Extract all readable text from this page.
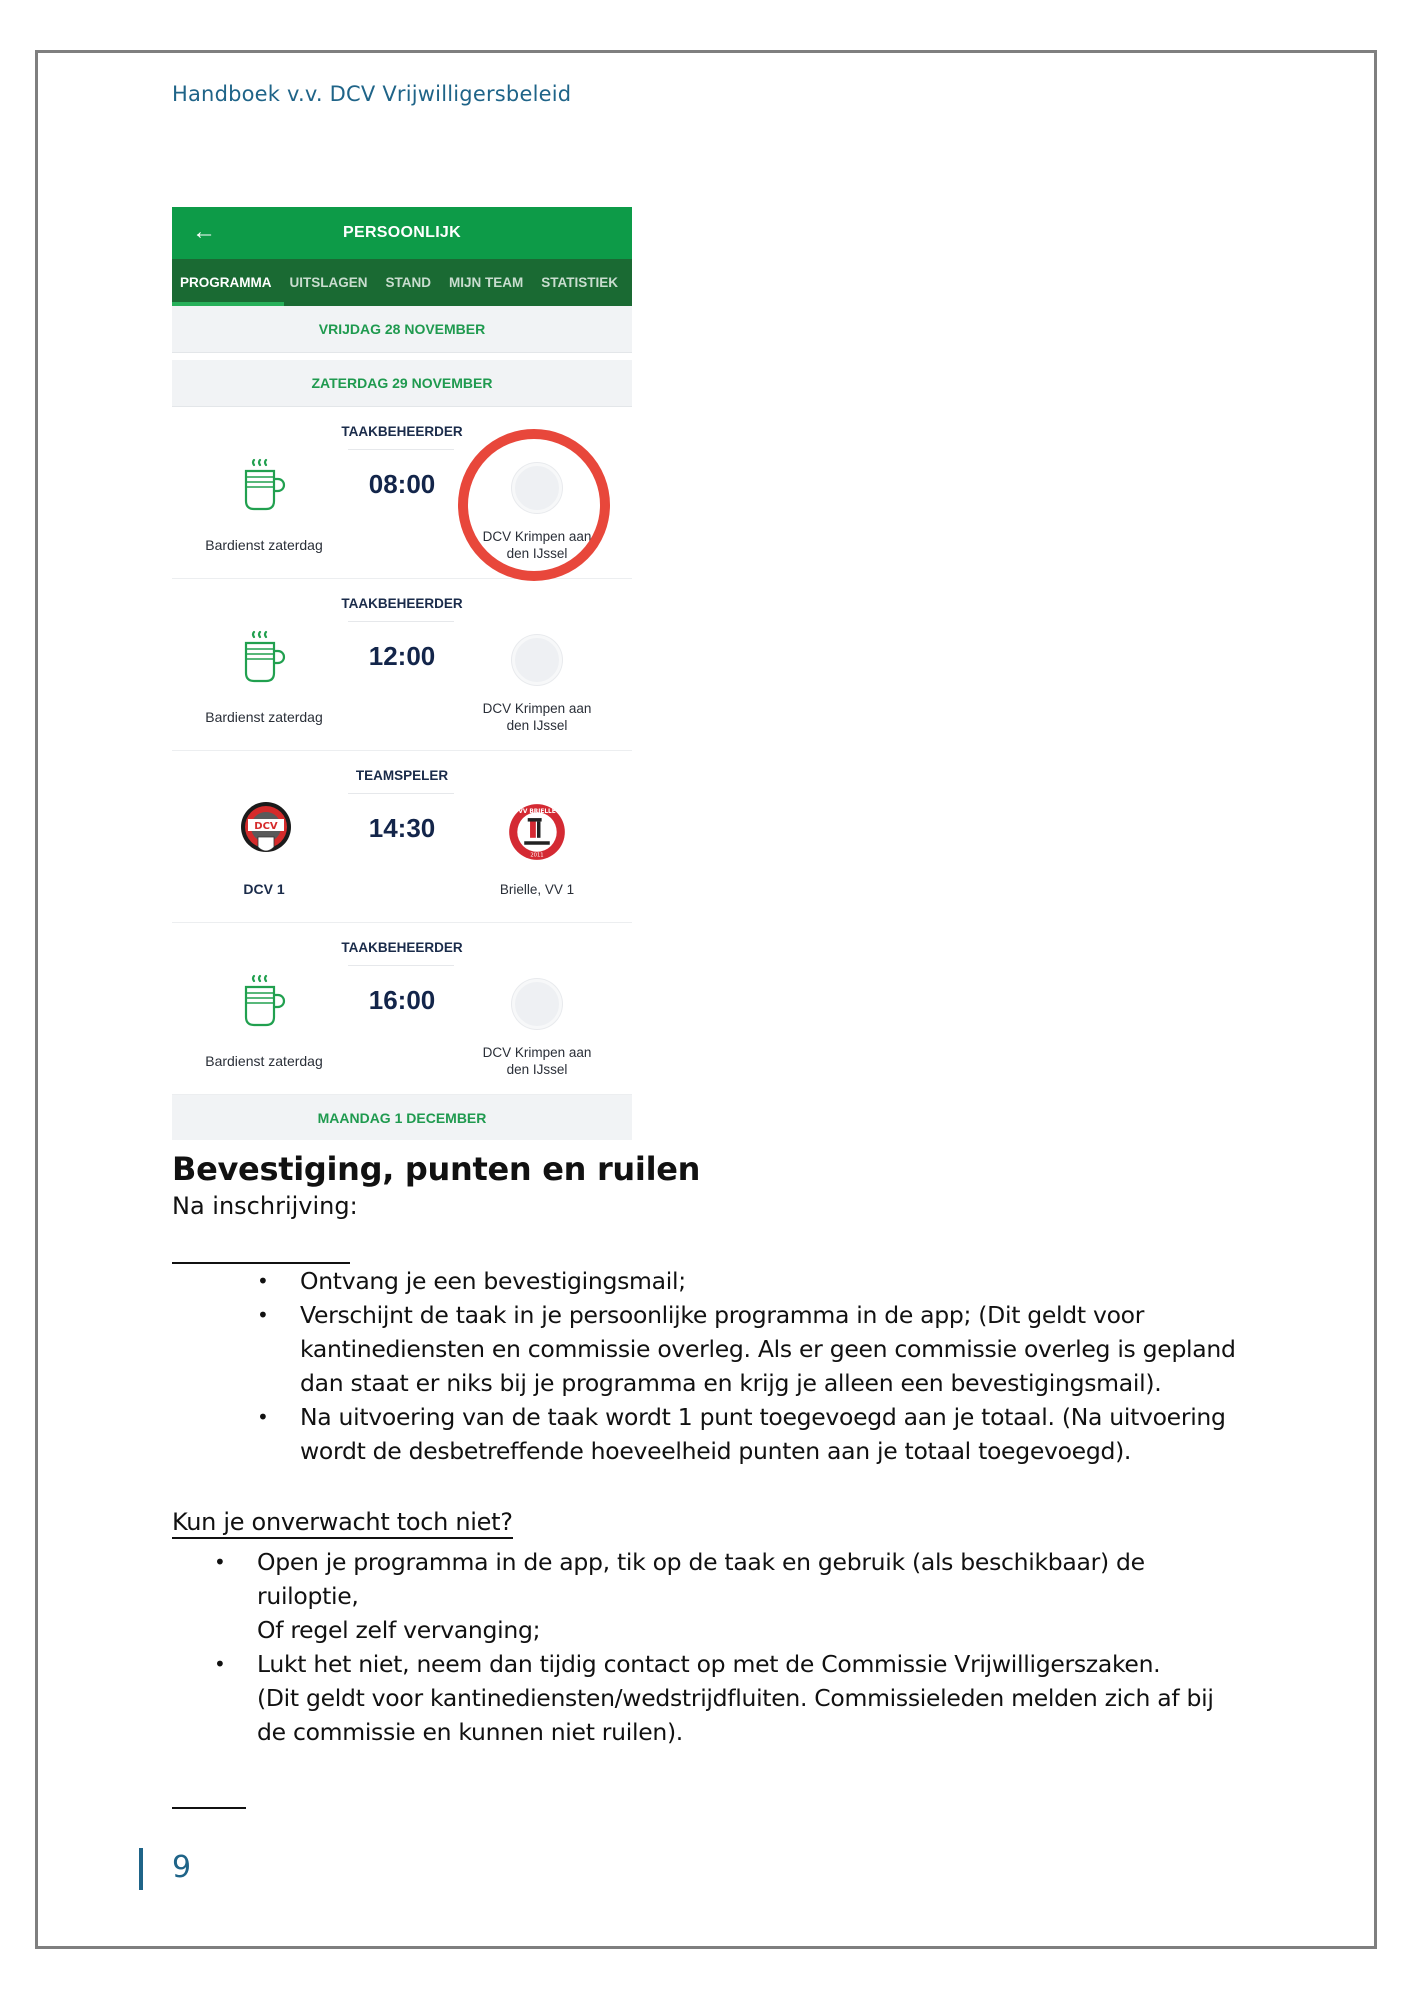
Handboek v.v. DCV Vrijwilligersbeleid
←	PERSOONLIJK
PROGRAMMA UITSLAGEN STAND MIJN TEAM STATISTIEK
VRIJDAG 28 NOVEMBER
ZATERDAG 29 NOVEMBER
TAAKBEHEERDER
08:00
Bardienst zaterdag
DCV Krimpen aan
den IJssel
TAAKBEHEERDER
12:00
Bardienst zaterdag
DCV Krimpen aan
den IJssel
TEAMSPELER
DCV	14:30
DCV 1
VV BRIELLE
2011
Brielle, VV 1
TAAKBEHEERDER
16:00
Bardienst zaterdag
DCV Krimpen aan
den IJssel
MAANDAG 1 DECEMBER
Bevestiging, punten en ruilen
Na inschrijving:
• Ontvang je een bevestigingsmail;
• Verschijnt de taak in je persoonlijke programma in de app; (Dit geldt voor
kantinediensten en commissie overleg. Als er geen commissie overleg is gepland
dan staat er niks bij je programma en krijg je alleen een bevestigingsmail).
• Na uitvoering van de taak wordt 1 punt toegevoegd aan je totaal. (Na uitvoering
wordt de desbetreffende hoeveelheid punten aan je totaal toegevoegd).
Kun je onverwacht toch niet?
• Open je programma in de app, tik op de taak en gebruik (als beschikbaar) de
ruiloptie,
Of regel zelf vervanging;
• Lukt het niet, neem dan tijdig contact op met de Commissie Vrijwilligerszaken.
(Dit geldt voor kantinediensten/wedstrijdfluiten. Commissieleden melden zich af bij
de commissie en kunnen niet ruilen).
9
